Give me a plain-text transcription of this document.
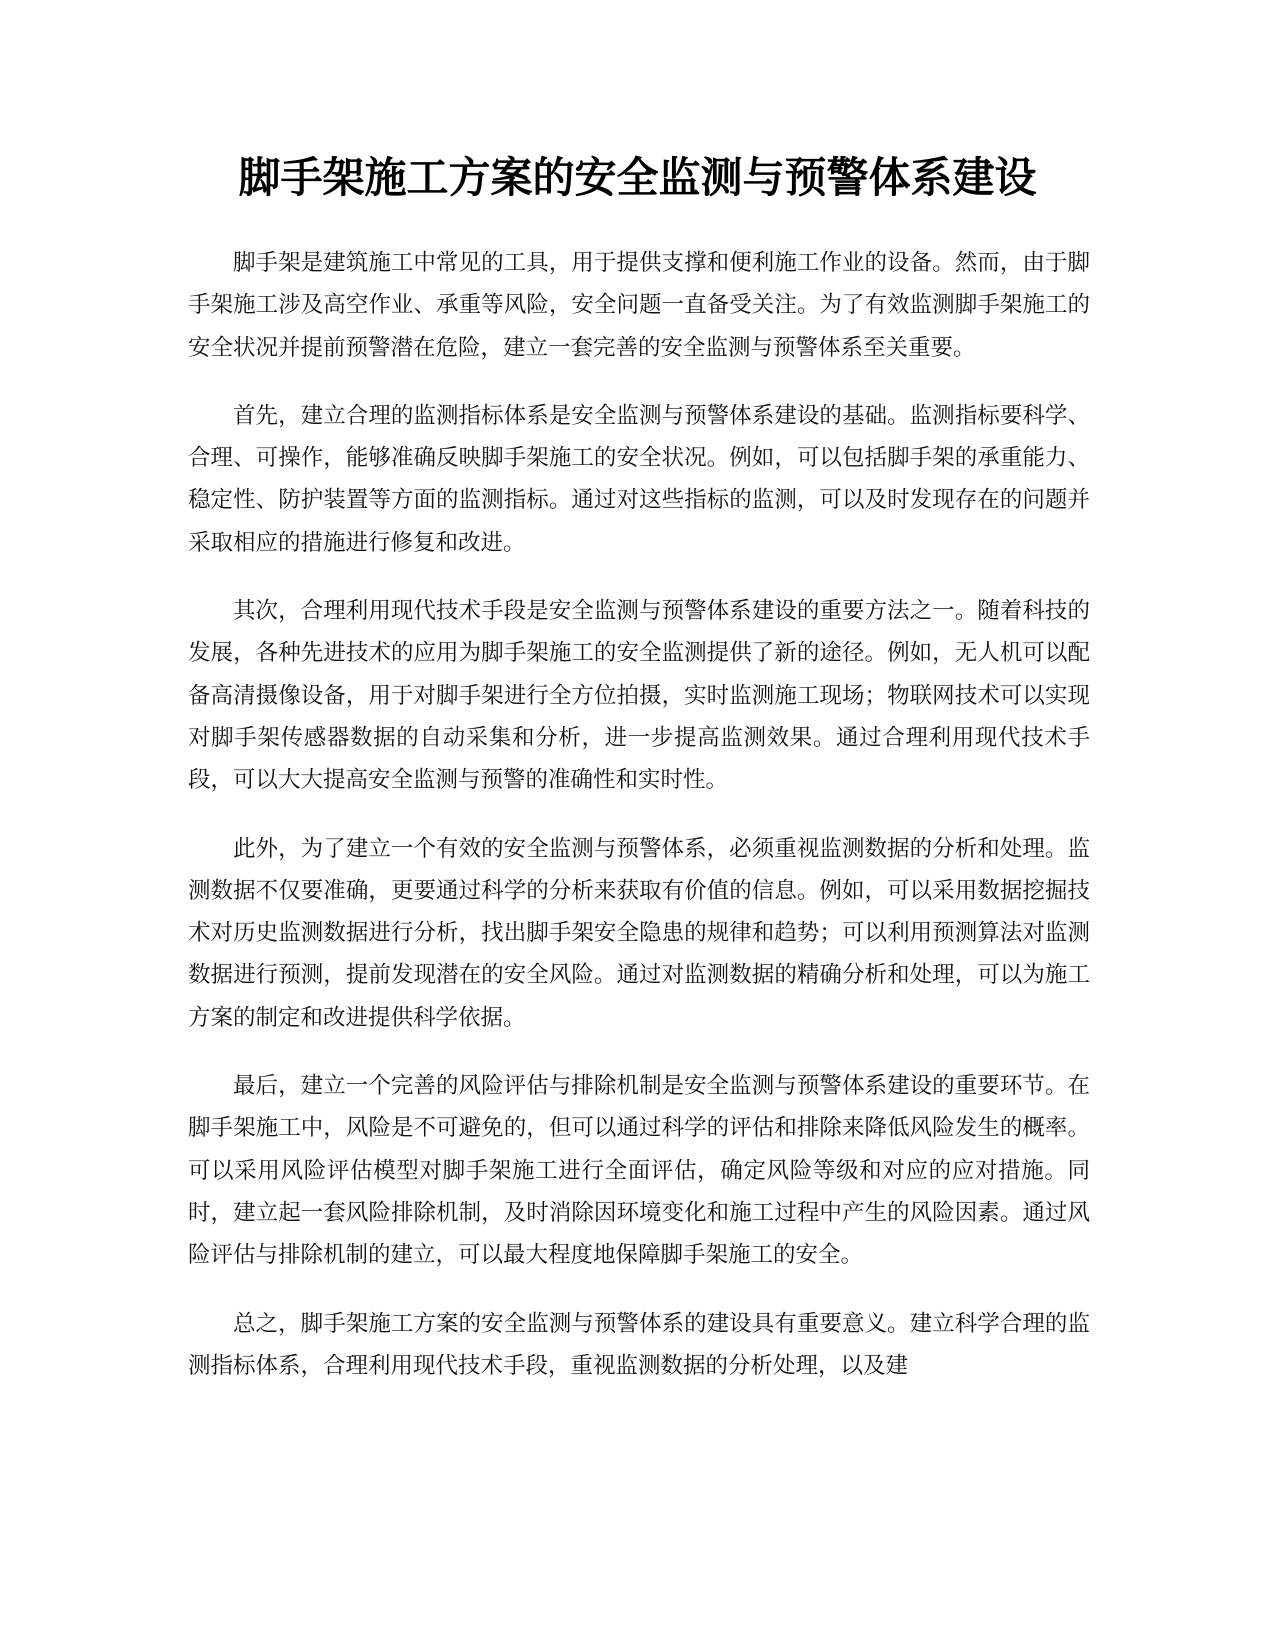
脚手架施工方案的安全监测与预警体系建设

脚手架是建筑施工中常见的工具，用于提供支撑和便利施工作业的设备。然而，由于脚手架施工涉及高空作业、承重等风险，安全问题一直备受关注。为了有效监测脚手架施工的安全状况并提前预警潜在危险，建立一套完善的安全监测与预警体系至关重要。

首先，建立合理的监测指标体系是安全监测与预警体系建设的基础。监测指标要科学、合理、可操作，能够准确反映脚手架施工的安全状况。例如，可以包括脚手架的承重能力、稳定性、防护装置等方面的监测指标。通过对这些指标的监测，可以及时发现存在的问题并采取相应的措施进行修复和改进。

其次，合理利用现代技术手段是安全监测与预警体系建设的重要方法之一。随着科技的发展，各种先进技术的应用为脚手架施工的安全监测提供了新的途径。例如，无人机可以配备高清摄像设备，用于对脚手架进行全方位拍摄，实时监测施工现场；物联网技术可以实现对脚手架传感器数据的自动采集和分析，进一步提高监测效果。通过合理利用现代技术手段，可以大大提高安全监测与预警的准确性和实时性。

此外，为了建立一个有效的安全监测与预警体系，必须重视监测数据的分析和处理。监测数据不仅要准确，更要通过科学的分析来获取有价值的信息。例如，可以采用数据挖掘技术对历史监测数据进行分析，找出脚手架安全隐患的规律和趋势；可以利用预测算法对监测数据进行预测，提前发现潜在的安全风险。通过对监测数据的精确分析和处理，可以为施工方案的制定和改进提供科学依据。

最后，建立一个完善的风险评估与排除机制是安全监测与预警体系建设的重要环节。在脚手架施工中，风险是不可避免的，但可以通过科学的评估和排除来降低风险发生的概率。可以采用风险评估模型对脚手架施工进行全面评估，确定风险等级和对应的应对措施。同时，建立起一套风险排除机制，及时消除因环境变化和施工过程中产生的风险因素。通过风险评估与排除机制的建立，可以最大程度地保障脚手架施工的安全。

总之，脚手架施工方案的安全监测与预警体系的建设具有重要意义。建立科学合理的监测指标体系，合理利用现代技术手段，重视监测数据的分析处理，以及建
